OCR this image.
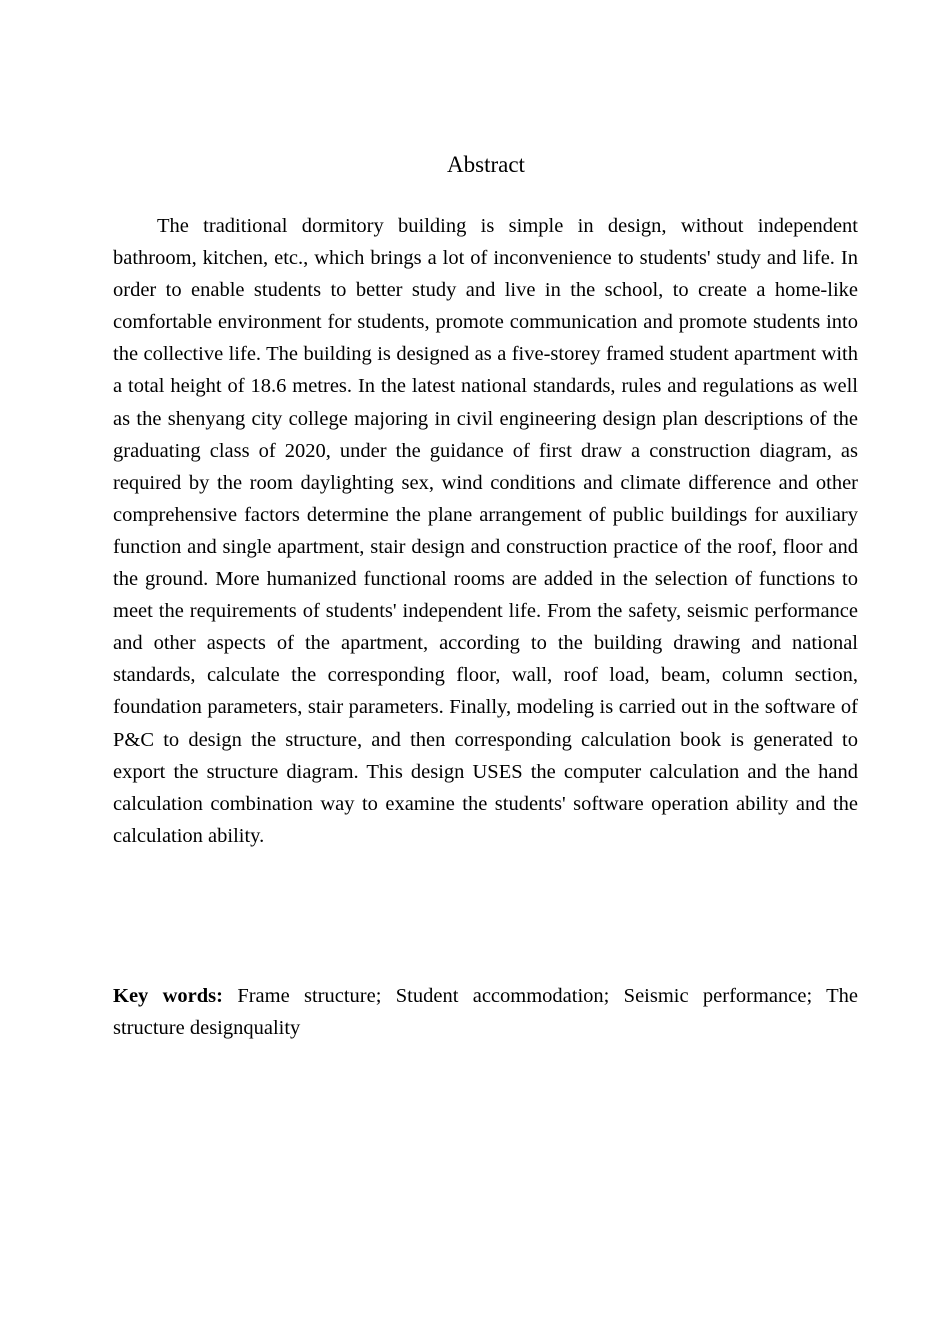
Abstract

The traditional dormitory building is simple in design, without independent bathroom, kitchen, etc., which brings a lot of inconvenience to students' study and life. In order to enable students to better study and live in the school, to create a home-like comfortable environment for students, promote communication and promote students into the collective life. The building is designed as a five-storey framed student apartment with a total height of 18.6 metres. In the latest national standards, rules and regulations as well as the shenyang city college majoring in civil engineering design plan descriptions of the graduating class of 2020, under the guidance of first draw a construction diagram, as required by the room daylighting sex, wind conditions and climate difference and other comprehensive factors determine the plane arrangement of public buildings for auxiliary function and single apartment, stair design and construction practice of the roof, floor and the ground. More humanized functional rooms are added in the selection of functions to meet the requirements of students' independent life. From the safety, seismic performance and other aspects of the apartment, according to the building drawing and national standards, calculate the corresponding floor, wall, roof load, beam, column section, foundation parameters, stair parameters. Finally, modeling is carried out in the software of P&C to design the structure, and then corresponding calculation book is generated to export the structure diagram. This design USES the computer calculation and the hand calculation combination way to examine the students' software operation ability and the calculation ability.

Key words: Frame structure; Student accommodation; Seismic performance; The structure designquality
